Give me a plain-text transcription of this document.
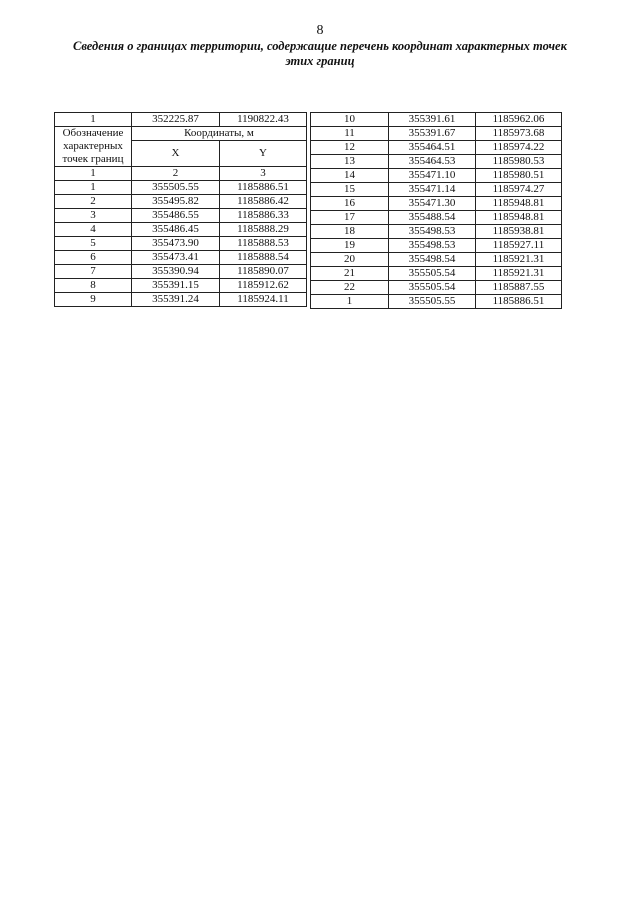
8
Сведения о границах территории, содержащие перечень координат характерных точек
этих границ
1	352225.87	1190822.43

Обозначение
характерных
точек границ	Координаты, м	
	X	Y

1	2	3
1	355505.55	1185886.51
2	355495.82	1185886.42
3	355486.55	1185886.33
4	355486.45	1185888.29
5	355473.90	1185888.53
6	355473.41	1185888.54
7	355390.94	1185890.07
8	355391.15	1185912.62
9	355391.24	1185924.11
10	355391.61	1185962.06
11	355391.67	1185973.68
12	355464.51	1185974.22
13	355464.53	1185980.53
14	355471.10	1185980.51
15	355471.14	1185974.27
16	355471.30	1185948.81
17	355488.54	1185948.81
18	355498.53	1185938.81
19	355498.53	1185927.11
20	355498.54	1185921.31
21	355505.54	1185921.31
22	355505.54	1185887.55
1	355505.55	1185886.51
